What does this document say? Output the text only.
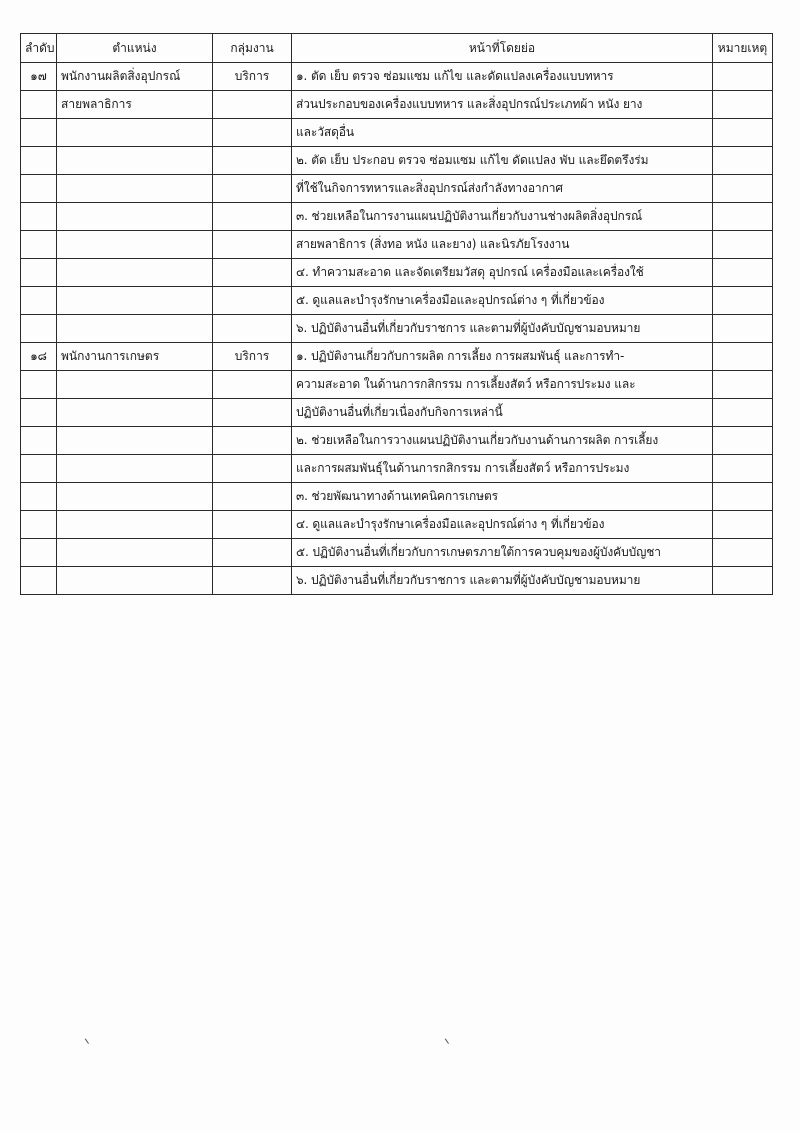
ลำดับ	ตำแหน่ง	กลุ่มงาน	หน้าที่โดยย่อ	หมายเหตุ
๑๗	พนักงานผลิตสิ่งอุปกรณ์	บริการ	๑. ตัด เย็บ ตรวจ ซ่อมแซม แก้ไข และดัดแปลงเครื่องแบบทหาร	
	สายพลาธิการ		ส่วนประกอบของเครื่องแบบทหาร และสิ่งอุปกรณ์ประเภทผ้า หนัง ยาง	
			และวัสดุอื่น	
			๒. ตัด เย็บ ประกอบ ตรวจ ซ่อมแซม แก้ไข ดัดแปลง พับ และยึดตรึงร่ม	
			ที่ใช้ในกิจการทหารและสิ่งอุปกรณ์ส่งกำลังทางอากาศ	
			๓. ช่วยเหลือในการงานแผนปฏิบัติงานเกี่ยวกับงานช่างผลิตสิ่งอุปกรณ์	
			สายพลาธิการ (สิ่งทอ หนัง และยาง) และนิรภัยโรงงาน	
			๔. ทำความสะอาด และจัดเตรียมวัสดุ อุปกรณ์ เครื่องมือและเครื่องใช้	
			๕. ดูแลและบำรุงรักษาเครื่องมือและอุปกรณ์ต่าง ๆ ที่เกี่ยวข้อง	
			๖. ปฏิบัติงานอื่นที่เกี่ยวกับราชการ และตามที่ผู้บังคับบัญชามอบหมาย	
๑๘	พนักงานการเกษตร	บริการ	๑. ปฏิบัติงานเกี่ยวกับการผลิต การเลี้ยง การผสมพันธุ์ และการทำ-	
			ความสะอาด ในด้านการกสิกรรม การเลี้ยงสัตว์ หรือการประมง และ	
			ปฏิบัติงานอื่นที่เกี่ยวเนื่องกับกิจการเหล่านี้	
			๒. ช่วยเหลือในการวางแผนปฏิบัติงานเกี่ยวกับงานด้านการผลิต การเลี้ยง	
			และการผสมพันธุ์ในด้านการกสิกรรม การเลี้ยงสัตว์ หรือการประมง	
			๓. ช่วยพัฒนาทางด้านเทคนิคการเกษตร	
			๔. ดูแลและบำรุงรักษาเครื่องมือและอุปกรณ์ต่าง ๆ ที่เกี่ยวข้อง	
			๕. ปฏิบัติงานอื่นที่เกี่ยวกับการเกษตรภายใต้การควบคุมของผู้บังคับบัญชา	
			๖. ปฏิบัติงานอื่นที่เกี่ยวกับราชการ และตามที่ผู้บังคับบัญชามอบหมาย	
